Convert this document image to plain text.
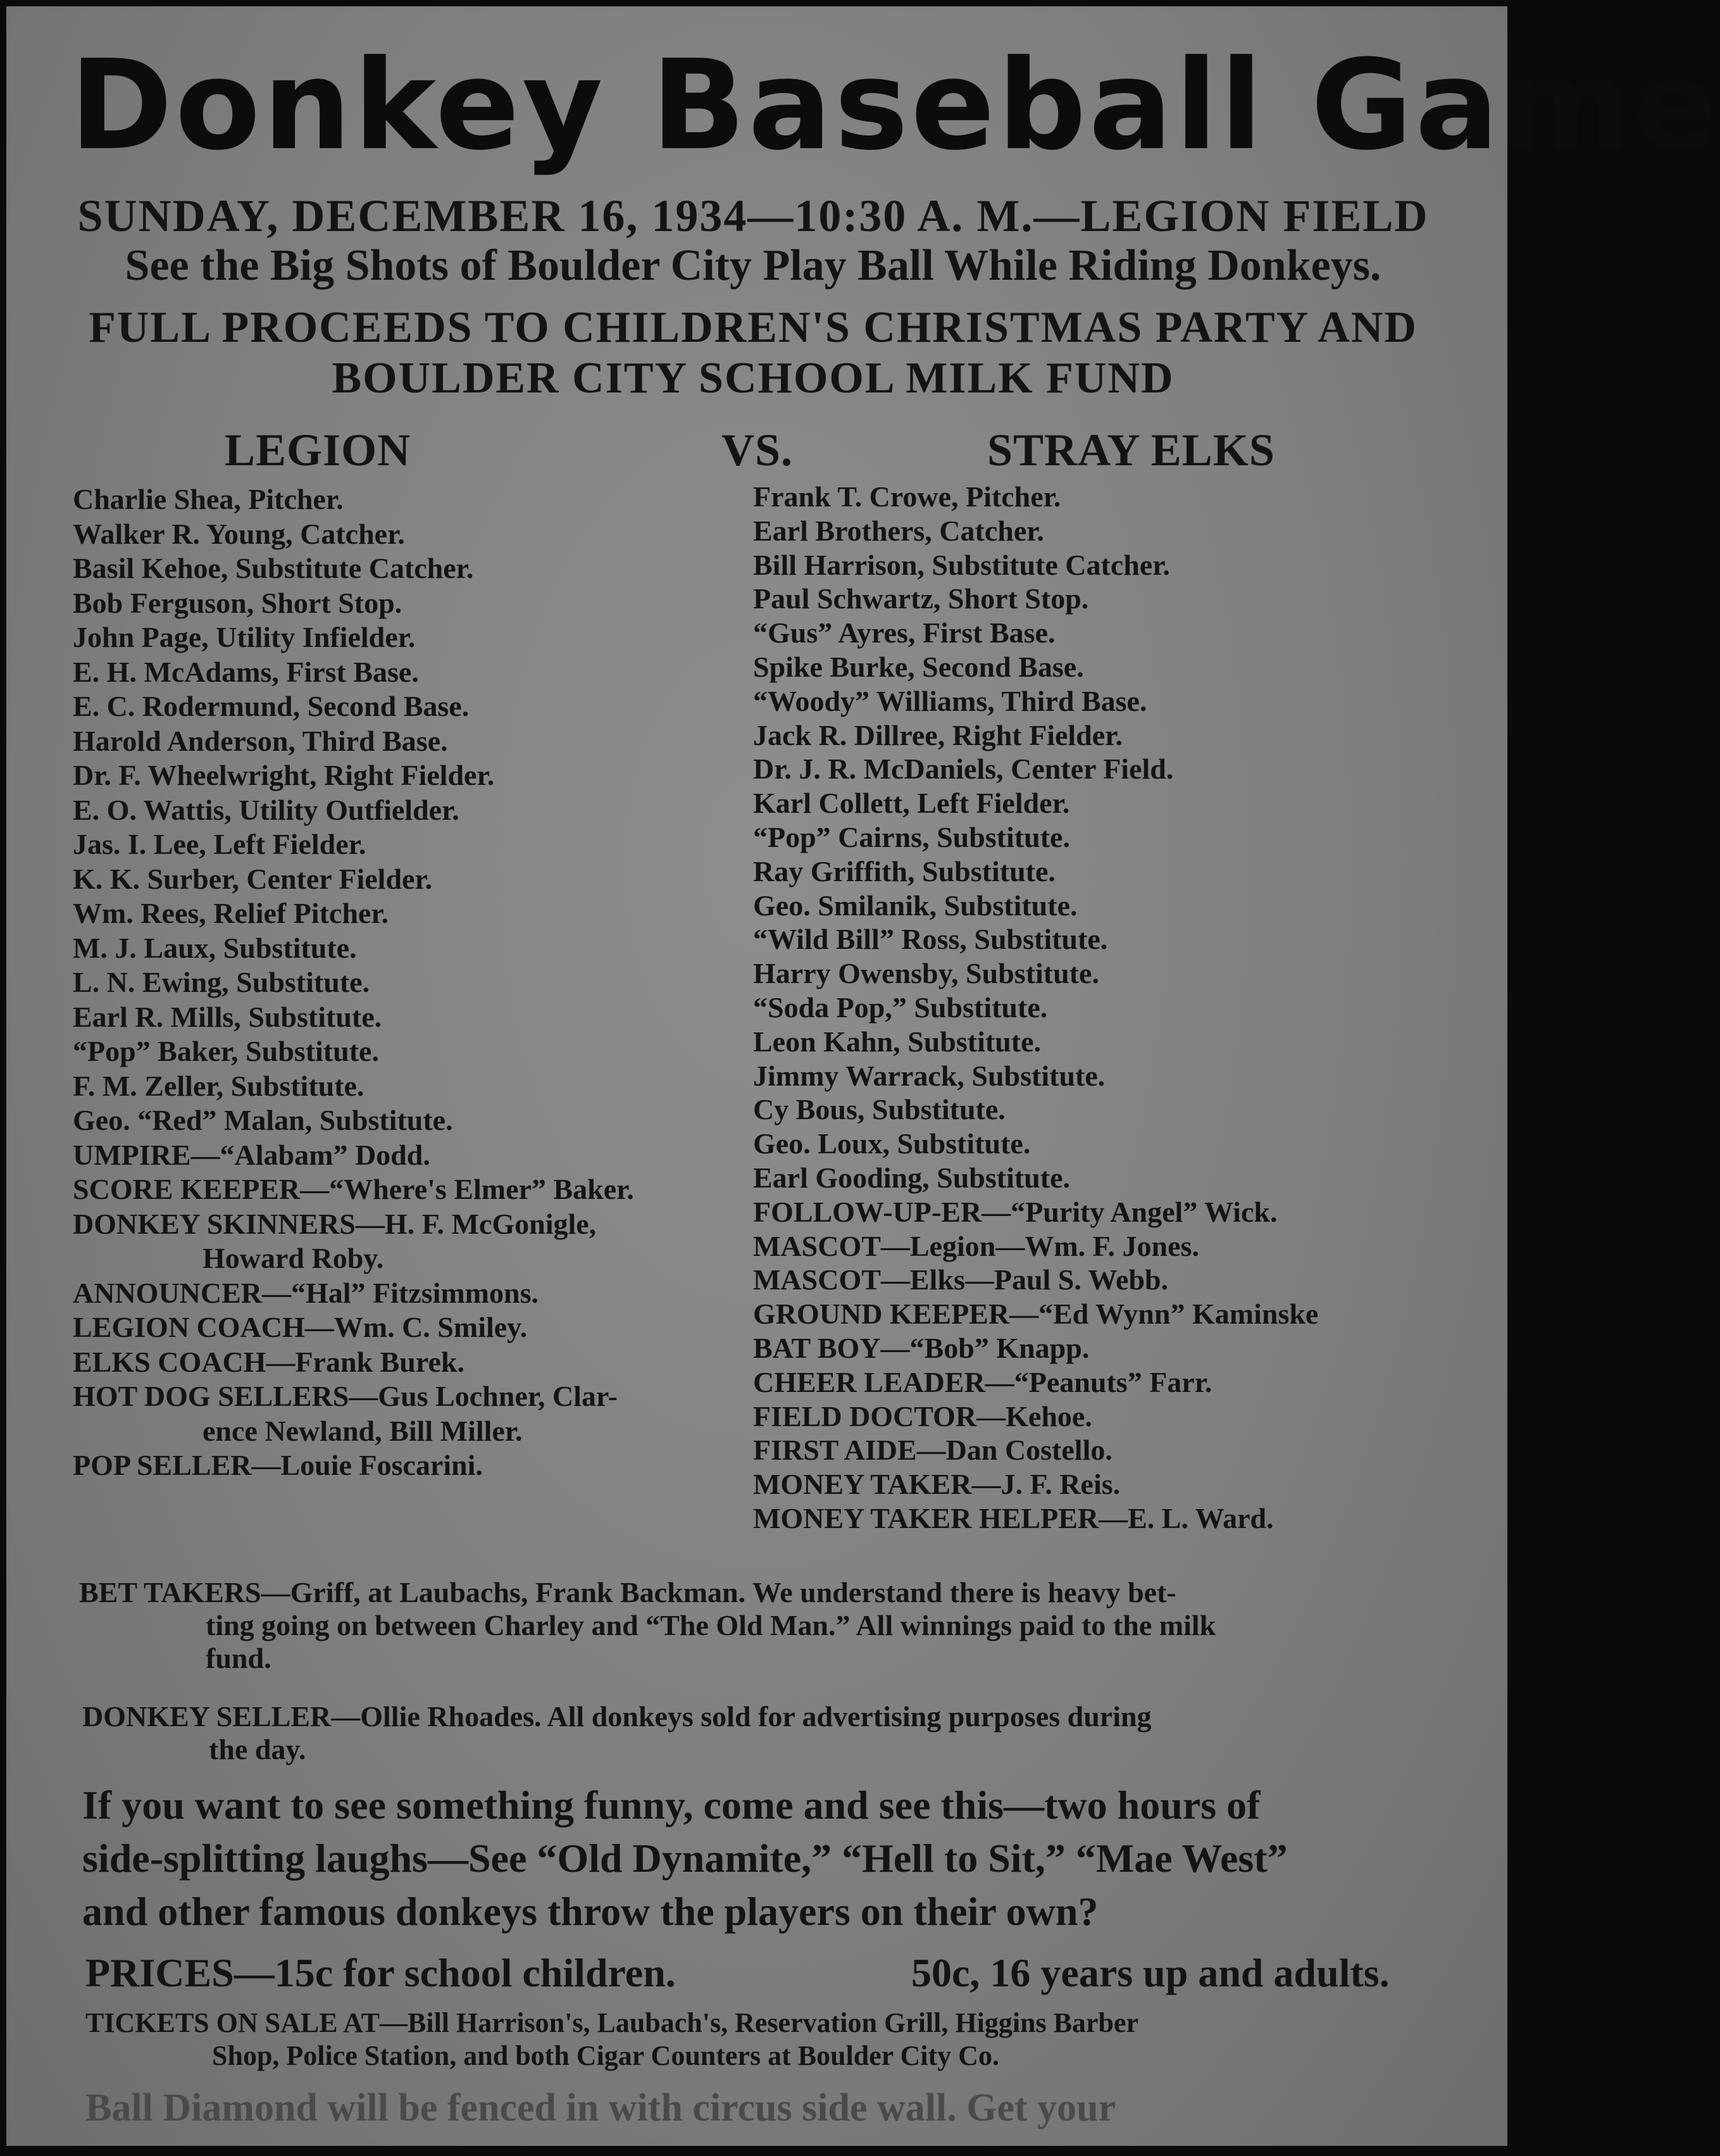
Donkey Baseball Game
SUNDAY, DECEMBER 16, 1934—10:30 A. M.—LEGION FIELD
See the Big Shots of Boulder City Play Ball While Riding Donkeys.
FULL PROCEEDS TO CHILDREN'S CHRISTMAS PARTY AND
BOULDER CITY SCHOOL MILK FUND
LEGION	VS.	STRAY ELKS
Charlie Shea, Pitcher.
Walker R. Young, Catcher.
Basil Kehoe, Substitute Catcher.
Bob Ferguson, Short Stop.
John Page, Utility Infielder.
E. H. McAdams, First Base.
E. C. Rodermund, Second Base.
Harold Anderson, Third Base.
Dr. F. Wheelwright, Right Fielder.
E. O. Wattis, Utility Outfielder.
Jas. I. Lee, Left Fielder.
K. K. Surber, Center Fielder.
Wm. Rees, Relief Pitcher.
M. J. Laux, Substitute.
L. N. Ewing, Substitute.
Earl R. Mills, Substitute.
“Pop” Baker, Substitute.
F. M. Zeller, Substitute.
Geo. “Red” Malan, Substitute.
UMPIRE—“Alabam” Dodd.
SCORE KEEPER—“Where's Elmer” Baker.
DONKEY SKINNERS—H. F. McGonigle,
Howard Roby.
ANNOUNCER—“Hal” Fitzsimmons.
LEGION COACH—Wm. C. Smiley.
ELKS COACH—Frank Burek.
HOT DOG SELLERS—Gus Lochner, Clar-
ence Newland, Bill Miller.
POP SELLER—Louie Foscarini.
Frank T. Crowe, Pitcher.
Earl Brothers, Catcher.
Bill Harrison, Substitute Catcher.
Paul Schwartz, Short Stop.
“Gus” Ayres, First Base.
Spike Burke, Second Base.
“Woody” Williams, Third Base.
Jack R. Dillree, Right Fielder.
Dr. J. R. McDaniels, Center Field.
Karl Collett, Left Fielder.
“Pop” Cairns, Substitute.
Ray Griffith, Substitute.
Geo. Smilanik, Substitute.
“Wild Bill” Ross, Substitute.
Harry Owensby, Substitute.
“Soda Pop,” Substitute.
Leon Kahn, Substitute.
Jimmy Warrack, Substitute.
Cy Bous, Substitute.
Geo. Loux, Substitute.
Earl Gooding, Substitute.
FOLLOW-UP-ER—“Purity Angel” Wick.
MASCOT—Legion—Wm. F. Jones.
MASCOT—Elks—Paul S. Webb.
GROUND KEEPER—“Ed Wynn” Kaminske
BAT BOY—“Bob” Knapp.
CHEER LEADER—“Peanuts” Farr.
FIELD DOCTOR—Kehoe.
FIRST AIDE—Dan Costello.
MONEY TAKER—J. F. Reis.
MONEY TAKER HELPER—E. L. Ward.
BET TAKERS—Griff, at Laubachs, Frank Backman. We understand there is heavy bet-
ting going on between Charley and “The Old Man.” All winnings paid to the milk
fund.
DONKEY SELLER—Ollie Rhoades. All donkeys sold for advertising purposes during
the day.
If you want to see something funny, come and see this—two hours of
side-splitting laughs—See “Old Dynamite,” “Hell to Sit,” “Mae West”
and other famous donkeys throw the players on their own?
PRICES—15c for school children.	50c, 16 years up and adults.
TICKETS ON SALE AT—Bill Harrison's, Laubach's, Reservation Grill, Higgins Barber
Shop, Police Station, and both Cigar Counters at Boulder City Co.
Ball Diamond will be fenced in with circus side wall. Get your
